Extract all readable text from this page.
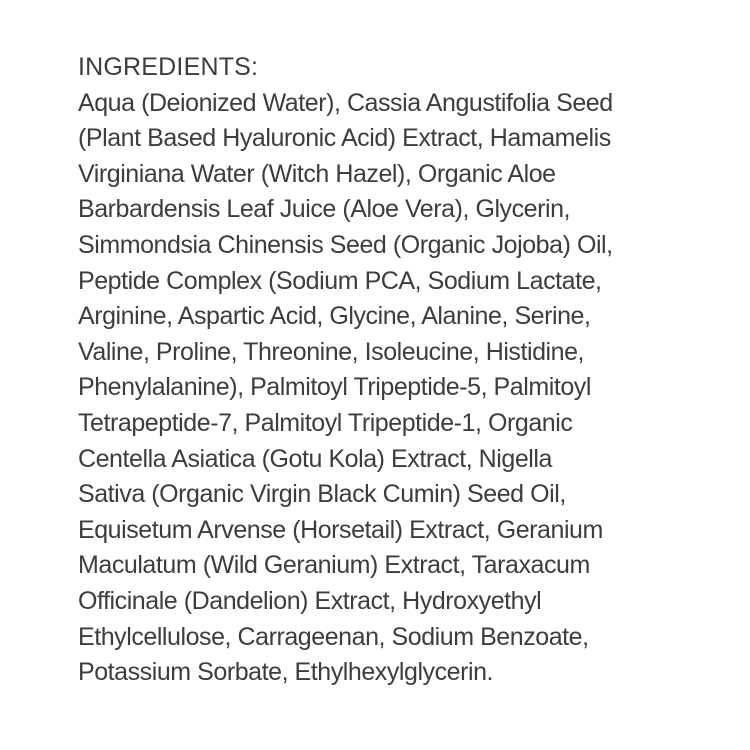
INGREDIENTS:
Aqua (Deionized Water), Cassia Angustifolia Seed
(Plant Based Hyaluronic Acid) Extract, Hamamelis
Virginiana Water (Witch Hazel), Organic Aloe
Barbardensis Leaf Juice (Aloe Vera), Glycerin,
Simmondsia Chinensis Seed (Organic Jojoba) Oil,
Peptide Complex (Sodium PCA, Sodium Lactate,
Arginine, Aspartic Acid, Glycine, Alanine, Serine,
Valine, Proline, Threonine, Isoleucine, Histidine,
Phenylalanine), Palmitoyl Tripeptide-5, Palmitoyl
Tetrapeptide-7, Palmitoyl Tripeptide-1, Organic
Centella Asiatica (Gotu Kola) Extract, Nigella
Sativa (Organic Virgin Black Cumin) Seed Oil,
Equisetum Arvense (Horsetail) Extract, Geranium
Maculatum (Wild Geranium) Extract, Taraxacum
Officinale (Dandelion) Extract, Hydroxyethyl
Ethylcellulose, Carrageenan, Sodium Benzoate,
Potassium Sorbate, Ethylhexylglycerin.
